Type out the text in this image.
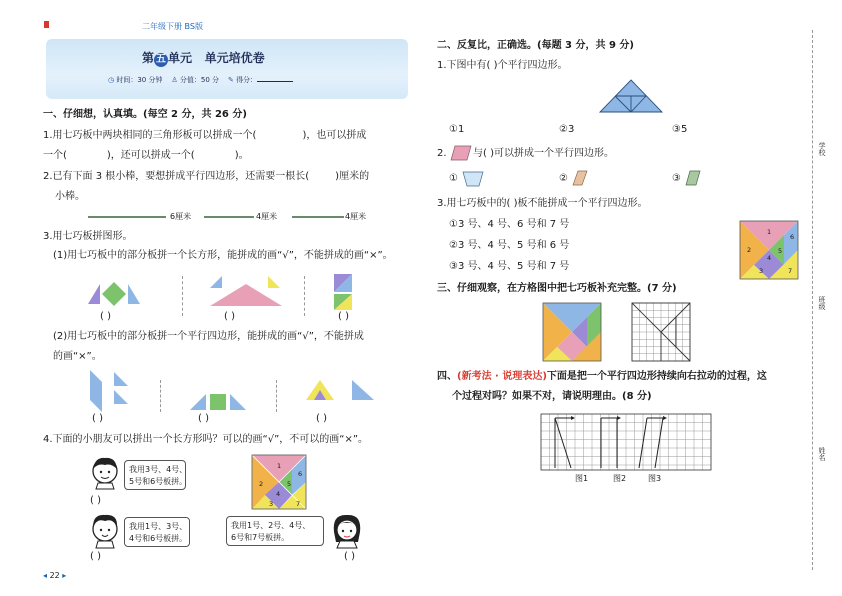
二年级下册 BS版
第 五 单元 单元培优卷
◷ 时间：30 分钟 ♙ 分值：50 分 ✎ 得分：
一、仔细想，认真填。(每空 2 分，共 26 分)
1.用七巧板中两块相同的三角形板可以拼成一个(	)，也可以拼成
一个(	)，还可以拼成一个(	)。
2.已有下面 3 根小棒，要想拼成平行四边形，还需要一根长(	)厘米的
小棒。
6厘米	4厘米	4厘米
3.用七巧板拼图形。
(1)用七巧板中的部分板拼一个长方形，能拼成的画“√”，不能拼成的画“×”。
( )	( )	( )
(2)用七巧板中的部分板拼一个平行四边形，能拼成的画“√”，不能拼成
的画“×”。
( )	( )	( )
4.下面的小朋友可以拼出一个长方形吗？可以的画“√”，不可以的画“×”。
我用3号、4号、
5号和6号板拼。
( )
我用1号、3号、
4号和6号板拼。
( )
1
2
4
5
6
3	7
我用1号、2号、4号、
6号和7号板拼。
( )
◂ 22 ▸
二、反复比，正确选。(每题 3 分，共 9 分)
1.下图中有( )个平行四边形。
①1	②3	③5
2.	与( )可以拼成一个平行四边形。
①	②	③
3.用七巧板中的( )板不能拼成一个平行四边形。
①3 号、4 号、6 号和 7 号
②3 号、4 号、5 号和 6 号
③3 号、4 号、5 号和 7 号
1
2
6
4
5
3	7
三、仔细观察，在方格图中把七巧板补充完整。(7 分)
四、(新考法 · 说理表达)下面是把一个平行四边形持续向右拉动的过程，这
个过程对吗？如果不对，请说明理由。(8 分)
图1	图2	图3
学校
班级
姓名
